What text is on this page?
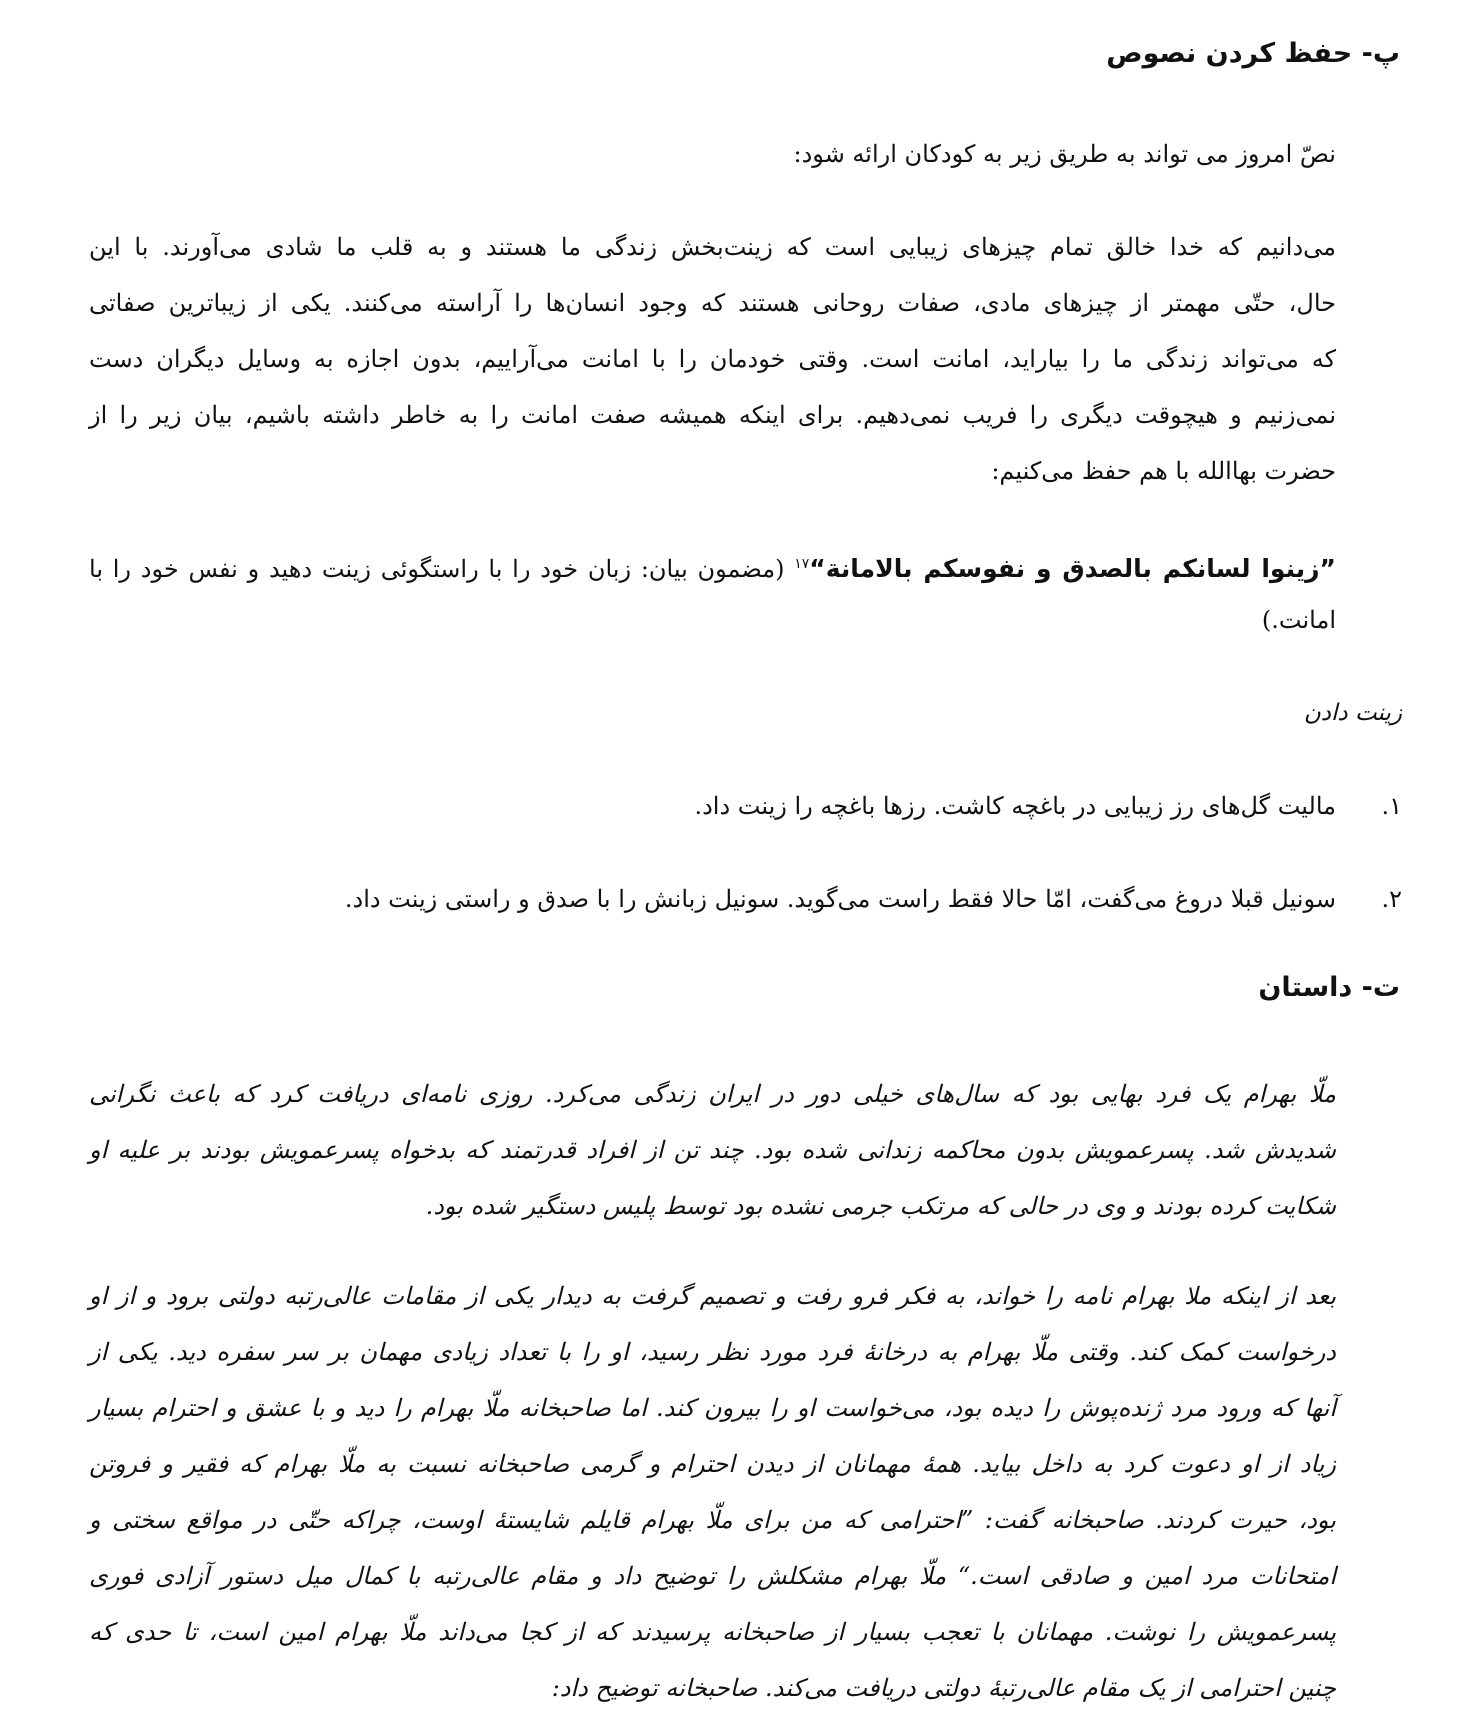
پ- حفظ کردن نصوص
نصّ امروز می تواند به طریق زیر به کودکان ارائه شود:
می‌دانیم که خدا خالق تمام چیزهای زیبایی است که زینت‌بخش زندگی ما هستند و به قلب ما شادی می‌آورند. با این
حال، حتّی مهمتر از چیزهای مادی، صفات روحانی هستند که وجود انسان‌ها را آراسته می‌کنند. یکی از زیباترین صفاتی
که می‌تواند زندگی ما را بیاراید، امانت است. وقتی خودمان را با امانت می‌آراییم، بدون اجازه به وسایل دیگران دست
نمی‌زنیم و هیچوقت دیگری را فریب نمی‌دهیم. برای اینکه همیشه صفت امانت را به خاطر داشته باشیم، بیان زیر را از
حضرت بهاالله با هم حفظ می‌کنیم:
”زینوا لسانکم بالصدق و نفوسکم بالامانة“$^{۱۷}$ (مضمون بیان: زبان خود را با راستگوئی زینت دهید و نفس خود را با
امانت.)
زینت دادن
۱.
مالیت گل‌های رز زیبایی در باغچه کاشت. رزها باغچه را زینت داد.
۲.
سونیل قبلا دروغ می‌گفت، امّا حالا فقط راست می‌گوید. سونیل زبانش را با صدق و راستی زینت داد.
ت- داستان
ملّا بهرام یک فرد بهایی بود که سال‌های خیلی دور در ایران زندگی می‌کرد. روزی نامه‌ای دریافت کرد که باعث نگرانی
شدیدش شد. پسرعمویش بدون محاکمه زندانی شده بود. چند تن از افراد قدرتمند که بدخواه پسرعمویش بودند بر علیه او
شکایت کرده بودند و وی در حالی که مرتکب جرمی نشده بود توسط پلیس دستگیر شده بود.
بعد از اینکه ملا بهرام نامه را خواند، به فکر فرو رفت و تصمیم گرفت به دیدار یکی از مقامات عالی‌رتبه دولتی برود و از او
درخواست کمک کند. وقتی ملّا بهرام به درخانهٔ فرد مورد نظر رسید، او را با تعداد زیادی مهمان بر سر سفره دید. یکی از
آنها که ورود مرد ژنده‌پوش را دیده بود، می‌خواست او را بیرون کند. اما صاحبخانه ملّا بهرام را دید و با عشق و احترام بسیار
زیاد از او دعوت کرد به داخل بیاید. همهٔ مهمانان از دیدن احترام و گرمی صاحبخانه نسبت به ملّا بهرام که فقیر و فروتن
بود، حیرت کردند. صاحبخانه گفت: ”احترامی که من برای ملّا بهرام قایلم شایستهٔ اوست، چراکه حتّی در مواقع سختی و
امتحانات مرد امین و صادقی است.“ ملّا بهرام مشکلش را توضیح داد و مقام عالی‌رتبه با کمال میل دستور آزادی فوری
پسرعمویش را نوشت. مهمانان با تعجب بسیار از صاحبخانه پرسیدند که از کجا می‌داند ملّا بهرام امین است، تا حدی که
چنین احترامی از یک مقام عالی‌رتبهٔ دولتی دریافت می‌کند. صاحبخانه توضیح داد:
